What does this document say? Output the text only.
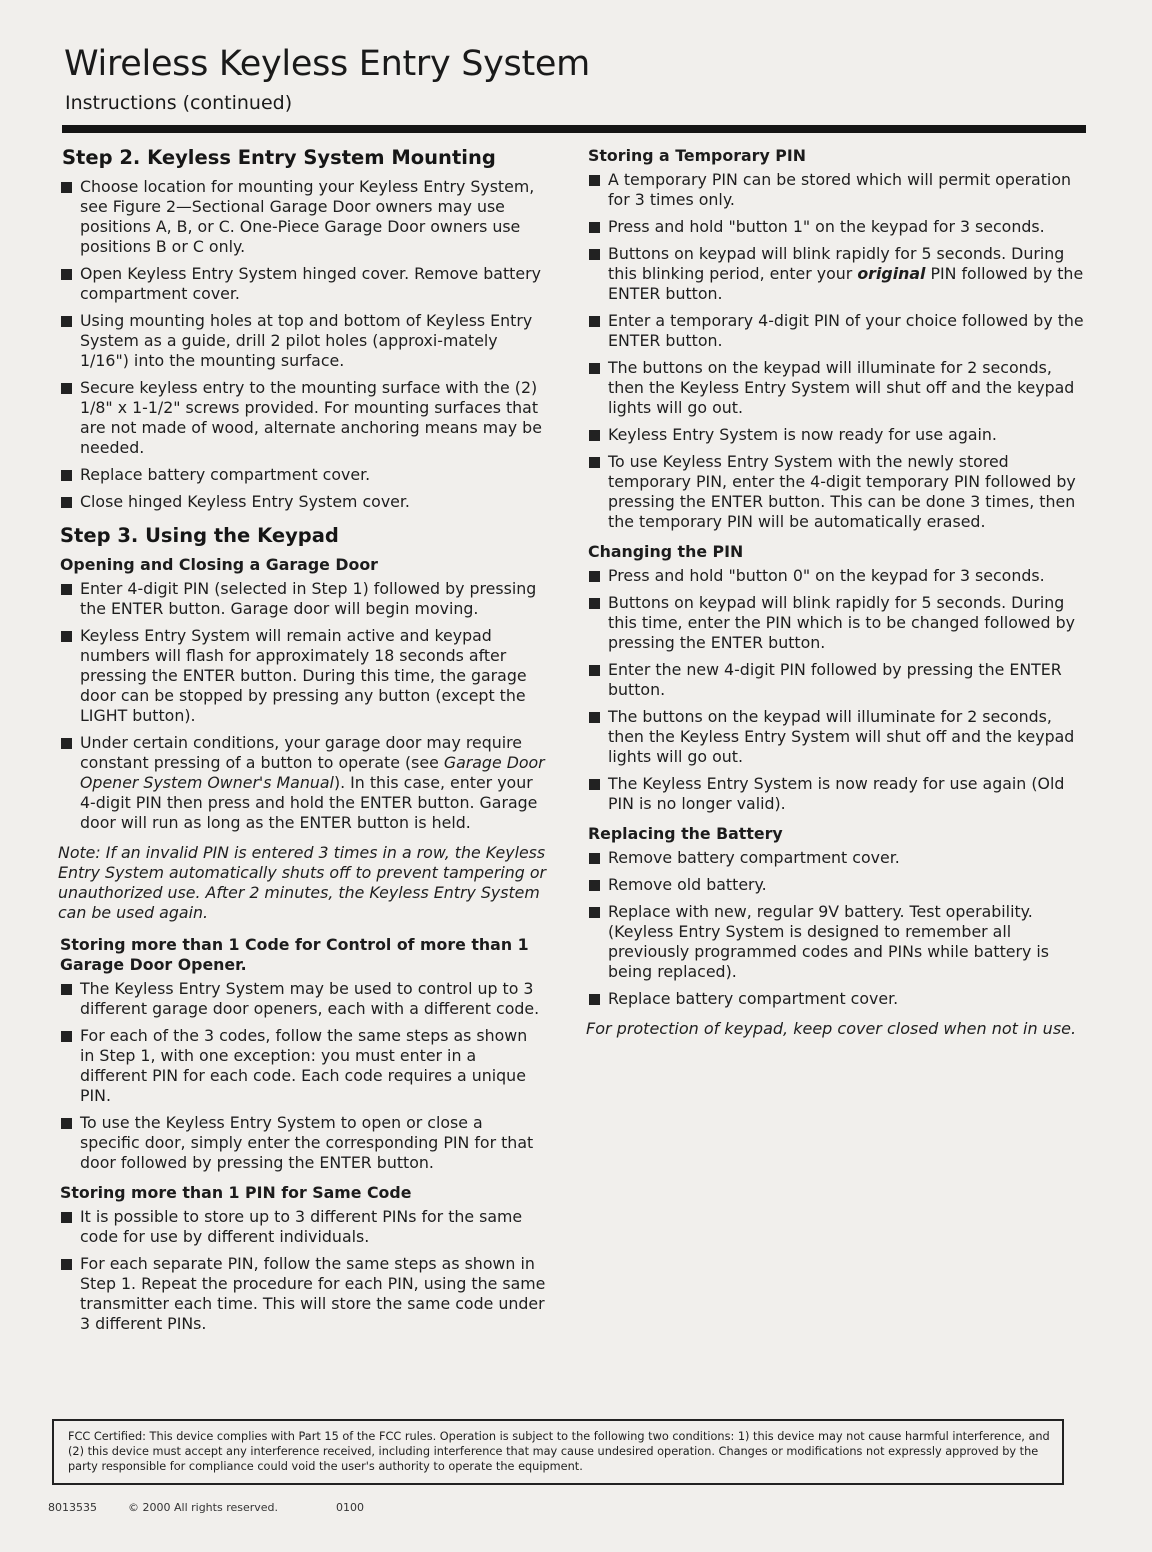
Wireless Keyless Entry System
Instructions (continued)
Step 2. Keyless Entry System Mounting
Choose location for mounting your Keyless Entry System, see Figure 2—Sectional Garage Door owners may use positions A, B, or C. One-Piece Garage Door owners use positions B or C only.
Open Keyless Entry System hinged cover. Remove battery compartment cover.
Using mounting holes at top and bottom of Keyless Entry System as a guide, drill 2 pilot holes (approxi-mately 1/16") into the mounting surface.
Secure keyless entry to the mounting surface with the (2) 1/8" x 1-1/2" screws provided. For mounting surfaces that are not made of wood, alternate anchoring means may be needed.
Replace battery compartment cover.
Close hinged Keyless Entry System cover.
Step 3. Using the Keypad
Opening and Closing a Garage Door
Enter 4-digit PIN (selected in Step 1) followed by pressing the ENTER button. Garage door will begin moving.
Keyless Entry System will remain active and keypad numbers will flash for approximately 18 seconds after pressing the ENTER button. During this time, the garage door can be stopped by pressing any button (except the LIGHT button).
Under certain conditions, your garage door may require constant pressing of a button to operate (see Garage Door Opener System Owner's Manual). In this case, enter your 4-digit PIN then press and hold the ENTER button. Garage door will run as long as the ENTER button is held.
Note: If an invalid PIN is entered 3 times in a row, the Keyless Entry System automatically shuts off to prevent tampering or unauthorized use. After 2 minutes, the Keyless Entry System can be used again.
Storing more than 1 Code for Control of more than 1 Garage Door Opener.
The Keyless Entry System may be used to control up to 3 different garage door openers, each with a different code.
For each of the 3 codes, follow the same steps as shown in Step 1, with one exception: you must enter in a different PIN for each code. Each code requires a unique PIN.
To use the Keyless Entry System to open or close a specific door, simply enter the corresponding PIN for that door followed by pressing the ENTER button.
Storing more than 1 PIN for Same Code
It is possible to store up to 3 different PINs for the same code for use by different individuals.
For each separate PIN, follow the same steps as shown in Step 1. Repeat the procedure for each PIN, using the same transmitter each time. This will store the same code under 3 different PINs.
Storing a Temporary PIN
A temporary PIN can be stored which will permit operation for 3 times only.
Press and hold "button 1" on the keypad for 3 seconds.
Buttons on keypad will blink rapidly for 5 seconds. During this blinking period, enter your original PIN followed by the ENTER button.
Enter a temporary 4-digit PIN of your choice followed by the ENTER button.
The buttons on the keypad will illuminate for 2 seconds, then the Keyless Entry System will shut off and the keypad lights will go out.
Keyless Entry System is now ready for use again.
To use Keyless Entry System with the newly stored temporary PIN, enter the 4-digit temporary PIN followed by pressing the ENTER button. This can be done 3 times, then the temporary PIN will be automatically erased.
Changing the PIN
Press and hold "button 0" on the keypad for 3 seconds.
Buttons on keypad will blink rapidly for 5 seconds. During this time, enter the PIN which is to be changed followed by pressing the ENTER button.
Enter the new 4-digit PIN followed by pressing the ENTER button.
The buttons on the keypad will illuminate for 2 seconds, then the Keyless Entry System will shut off and the keypad lights will go out.
The Keyless Entry System is now ready for use again (Old PIN is no longer valid).
Replacing the Battery
Remove battery compartment cover.
Remove old battery.
Replace with new, regular 9V battery. Test operability. (Keyless Entry System is designed to remember all previously programmed codes and PINs while battery is being replaced).
Replace battery compartment cover.
For protection of keypad, keep cover closed when not in use.
FCC Certified: This device complies with Part 15 of the FCC rules. Operation is subject to the following two conditions: 1) this device may not cause harmful interference, and (2) this device must accept any interference received, including interference that may cause undesired operation. Changes or modifications not expressly approved by the party responsible for compliance could void the user's authority to operate the equipment.
8013535	© 2000 All rights reserved.	0100
